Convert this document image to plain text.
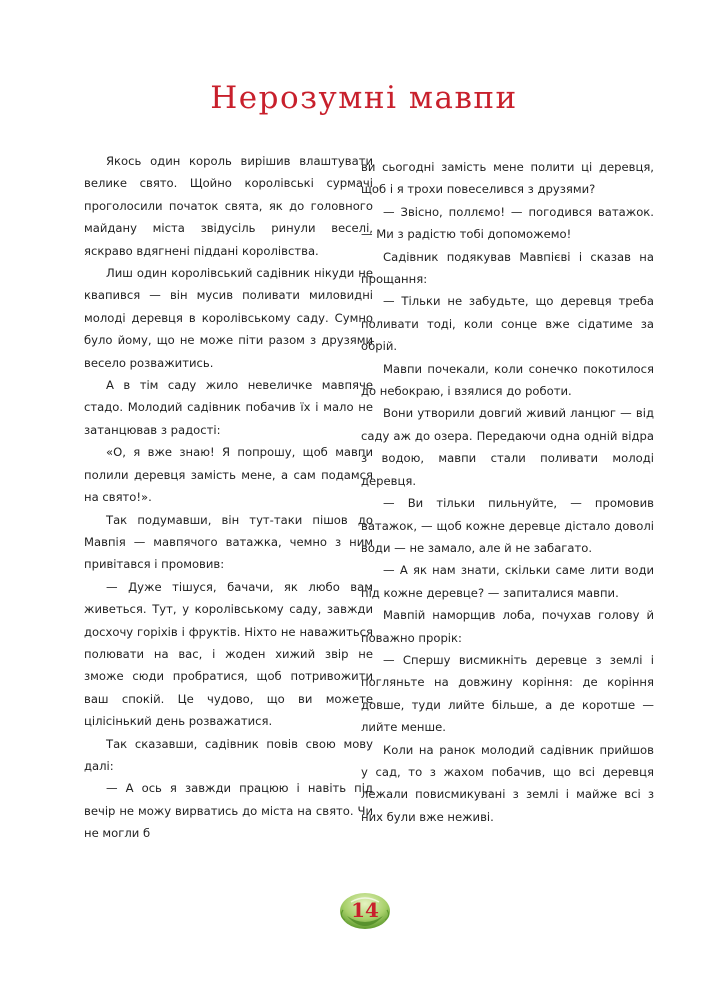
Нерозумні мавпи

Якось один король вирішив влаштувати велике свято. Щойно королівські сурмачі проголосили початок свята, як до головного майдану міста звідусіль ринули веселі, яскраво вдягнені піддані королівства.

Лиш один королівський садівник нікуди не квапився — він мусив поливати миловидні молоді деревця в королівському саду. Сумно було йому, що не може піти разом з друзями весело розважитись.

А в тім саду жило невеличке мавпяче стадо. Молодий садівник побачив їх і мало не затанцював з радості:

«О, я вже знаю! Я попрошу, щоб мавпи полили деревця замість мене, а сам подамся на свято!».

Так подумавши, він тут-таки пішов до Мавпія — мавпячого ватажка, чемно з ним привітався і промовив:

— Дуже тішуся, бачачи, як любо вам живеться. Тут, у королівському саду, завжди досхочу горіхів і фруктів. Ніхто не наважиться полювати на вас, і жоден хижий звір не зможе сюди пробратися, щоб потривожити ваш спокій. Це чудово, що ви можете цілісінький день розважатися.

Так сказавши, садівник повів свою мову далі:

— А ось я завжди працюю і навіть під вечір не можу вирватись до міста на свято. Чи не могли б

ви сьогодні замість мене полити ці деревця, щоб і я трохи повеселився з друзями?

— Звісно, поллємо! — погодився ватажок. — Ми з радістю тобі допоможемо!

Садівник подякував Мавпієві і сказав на прощання:

— Тільки не забудьте, що деревця треба поливати тоді, коли сонце вже сідатиме за обрій.

Мавпи почекали, коли сонечко покотилося до небокраю, і взялися до роботи.

Вони утворили довгий живий ланцюг — від саду аж до озера. Передаючи одна одній відра з водою, мавпи стали поливати молоді деревця.

— Ви тільки пильнуйте, — промовив ватажок, — щоб кожне деревце дістало доволі води — не замало, але й не забагато.

— А як нам знати, скільки саме лити води під кожне деревце? — запиталися мавпи.

Мавпій наморщив лоба, почухав голову й поважно прорік:

— Спершу висмикніть деревце з землі і погляньте на довжину коріння: де коріння довше, туди лийте більше, а де коротше — лийте менше.

Коли на ранок молодий садівник прийшов у сад, то з жахом побачив, що всі деревця лежали повисмикувані з землі і майже всі з них були вже неживі.

14
